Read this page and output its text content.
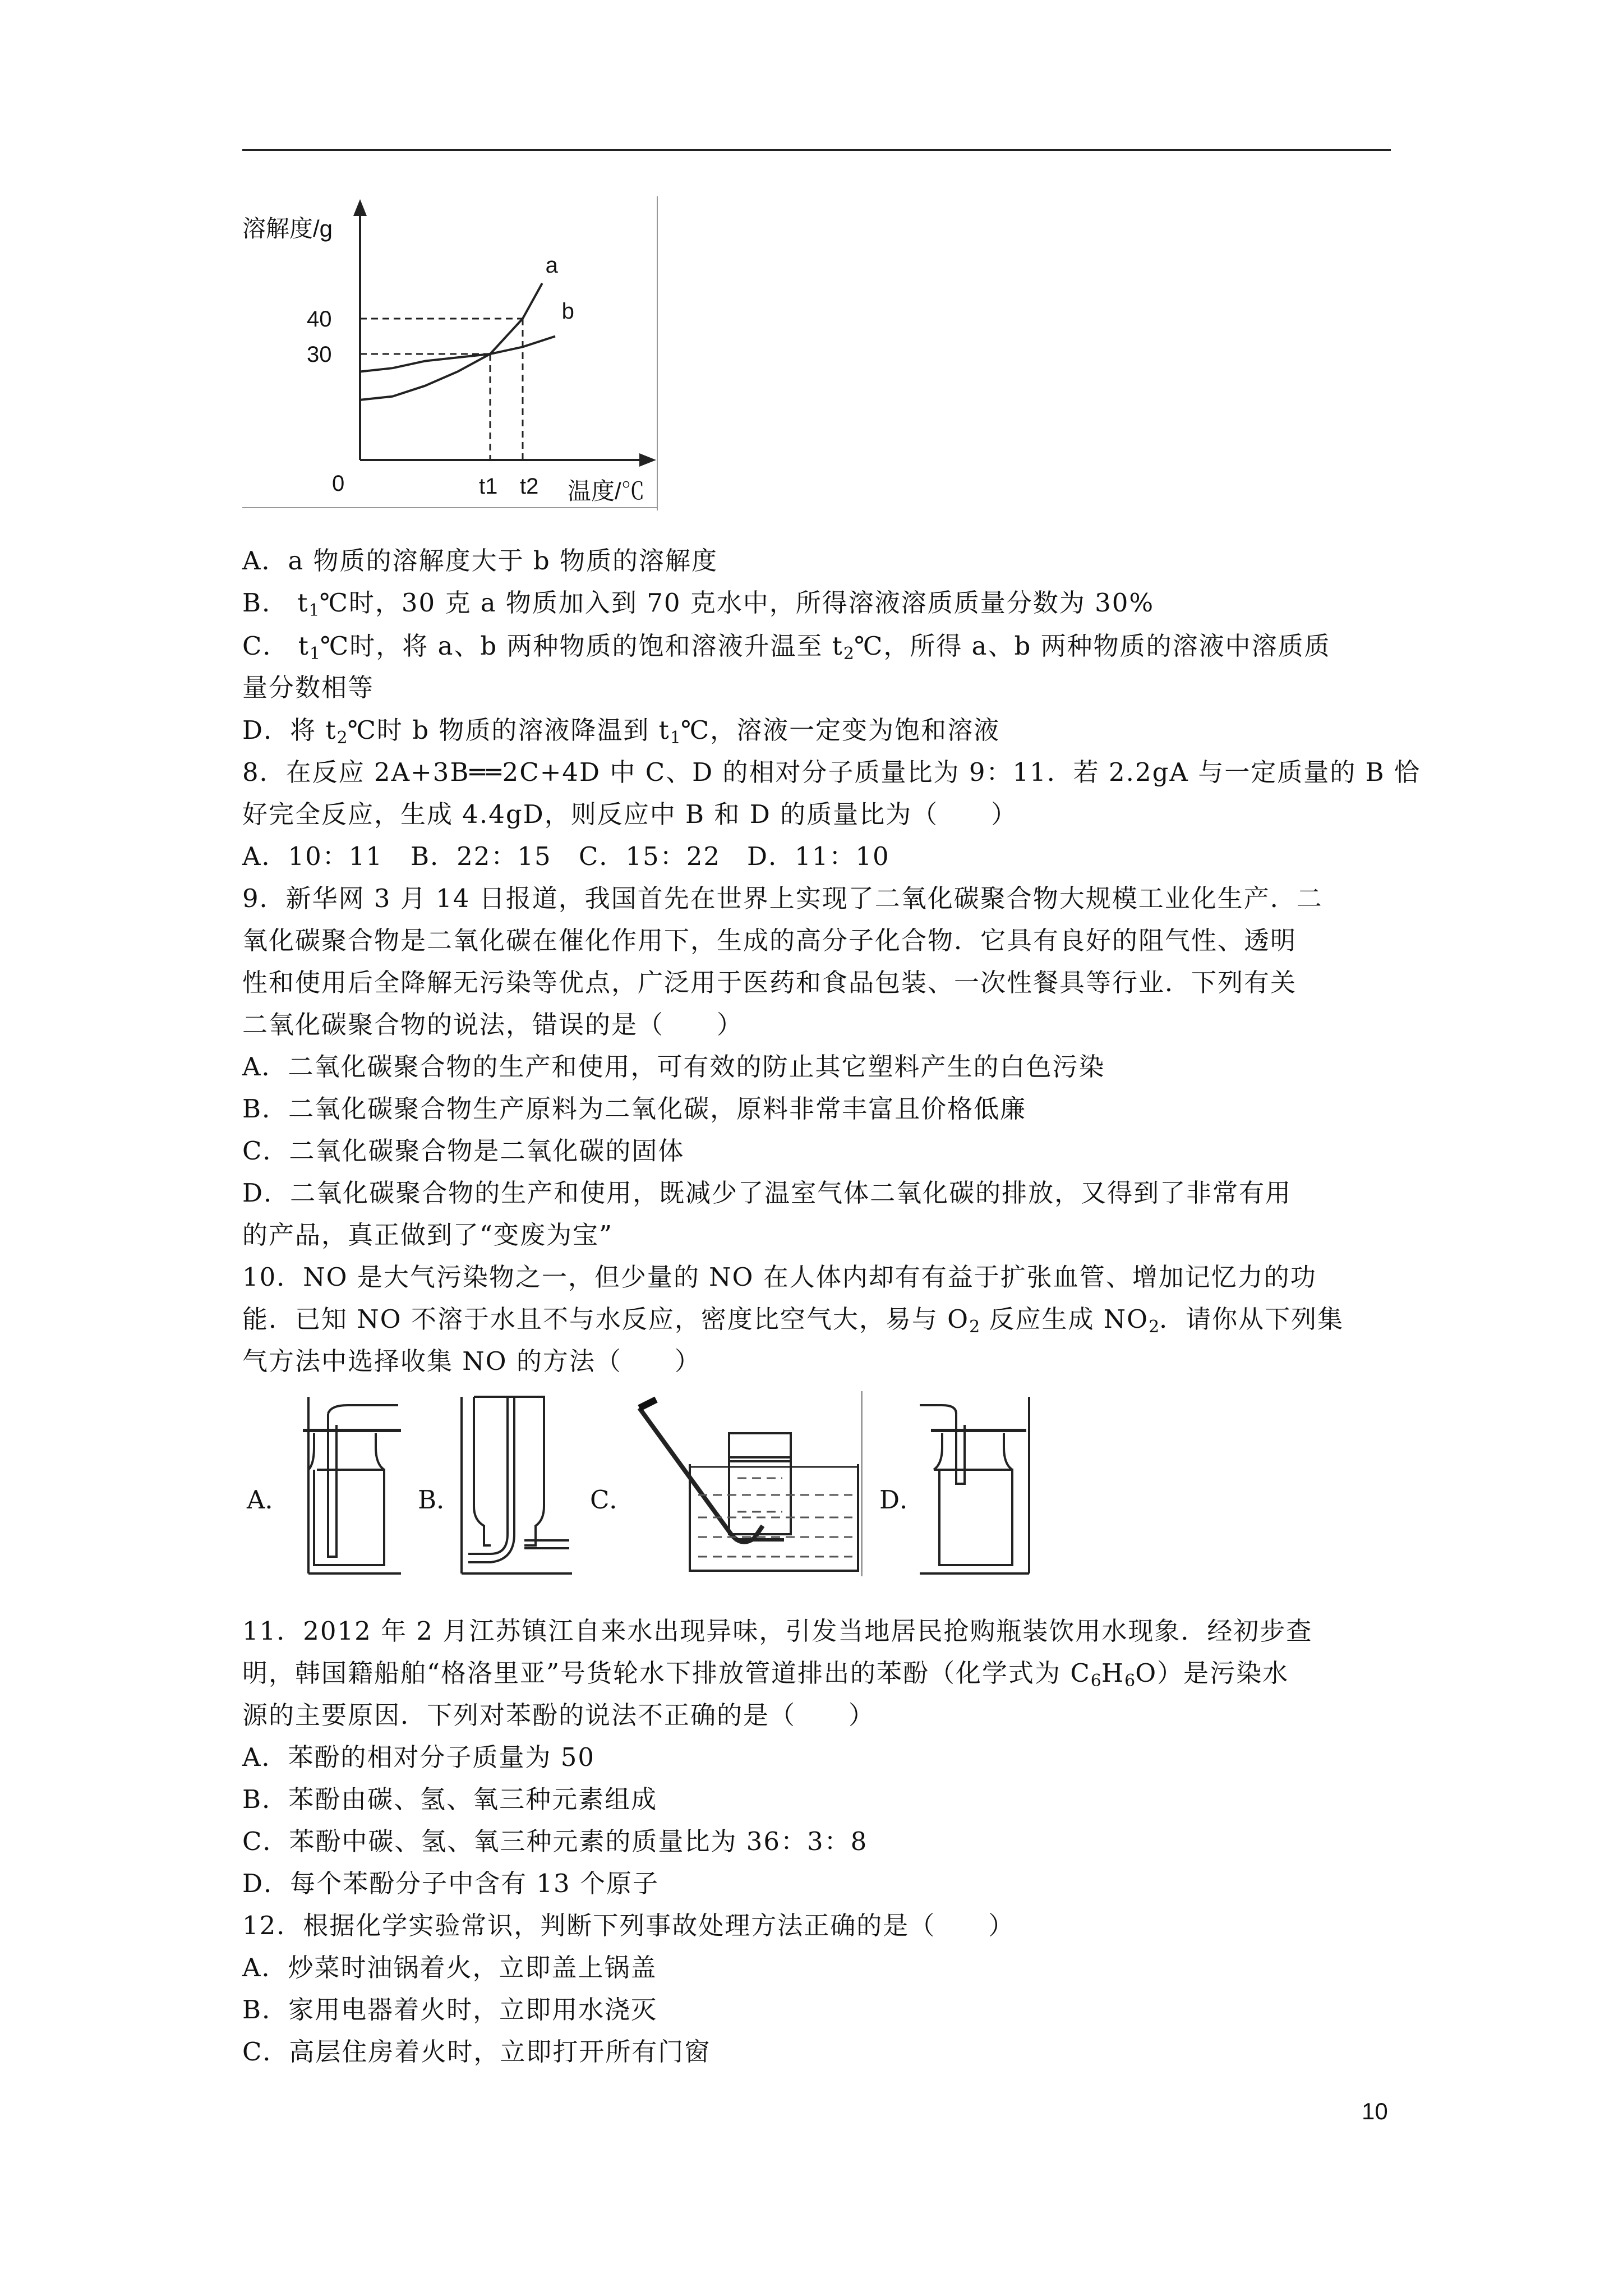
溶解度/g
温度/℃
0
40
30
t1 t2
a
b
A．a 物质的溶解度大于 b 物质的溶解度
B． $t_1℃$时，30 克 a 物质加入到 70 克水中，所得溶液溶质质量分数为 30%
C． $t_1℃$时，将 a、b 两种物质的饱和溶液升温至 $t_2℃$，所得 a、b 两种物质的溶液中溶质质
量分数相等
D．将 $t_2℃$时 b 物质的溶液降温到 $t_1℃$，溶液一定变为饱和溶液
8．在反应 2A+3B══2C+4D 中 C、D 的相对分子质量比为 9：11．若 2.2gA 与一定质量的 B 恰
好完全反应，生成 4.4gD，则反应中 B 和 D 的质量比为（　　）
A．10：11 B．22：15 C．15：22 D．11：10
9．新华网 3 月 14 日报道，我国首先在世界上实现了二氧化碳聚合物大规模工业化生产．二
氧化碳聚合物是二氧化碳在催化作用下，生成的高分子化合物．它具有良好的阻气性、透明
性和使用后全降解无污染等优点，广泛用于医药和食品包装、一次性餐具等行业．下列有关
二氧化碳聚合物的说法，错误的是（　　）
A．二氧化碳聚合物的生产和使用，可有效的防止其它塑料产生的白色污染
B．二氧化碳聚合物生产原料为二氧化碳，原料非常丰富且价格低廉
C．二氧化碳聚合物是二氧化碳的固体
D．二氧化碳聚合物的生产和使用，既减少了温室气体二氧化碳的排放，又得到了非常有用
的产品，真正做到了“变废为宝”
10．NO 是大气污染物之一，但少量的 NO 在人体内却有有益于扩张血管、增加记忆力的功
能．已知 NO 不溶于水且不与水反应，密度比空气大，易与 $O_2$ 反应生成 $NO_2$．请你从下列集
气方法中选择收集 NO 的方法（　　）
A．	B．	C．	D．
11．2012 年 2 月江苏镇江自来水出现异味，引发当地居民抢购瓶装饮用水现象．经初步查
明，韩国籍船舶“格洛里亚”号货轮水下排放管道排出的苯酚（化学式为 $C_6H_6O$）是污染水
源的主要原因．下列对苯酚的说法不正确的是（　　）
A．苯酚的相对分子质量为 50
B．苯酚由碳、氢、氧三种元素组成
C．苯酚中碳、氢、氧三种元素的质量比为 36：3：8
D．每个苯酚分子中含有 13 个原子
12．根据化学实验常识，判断下列事故处理方法正确的是（　　）
A．炒菜时油锅着火，立即盖上锅盖
B．家用电器着火时，立即用水浇灭
C．高层住房着火时，立即打开所有门窗
10
